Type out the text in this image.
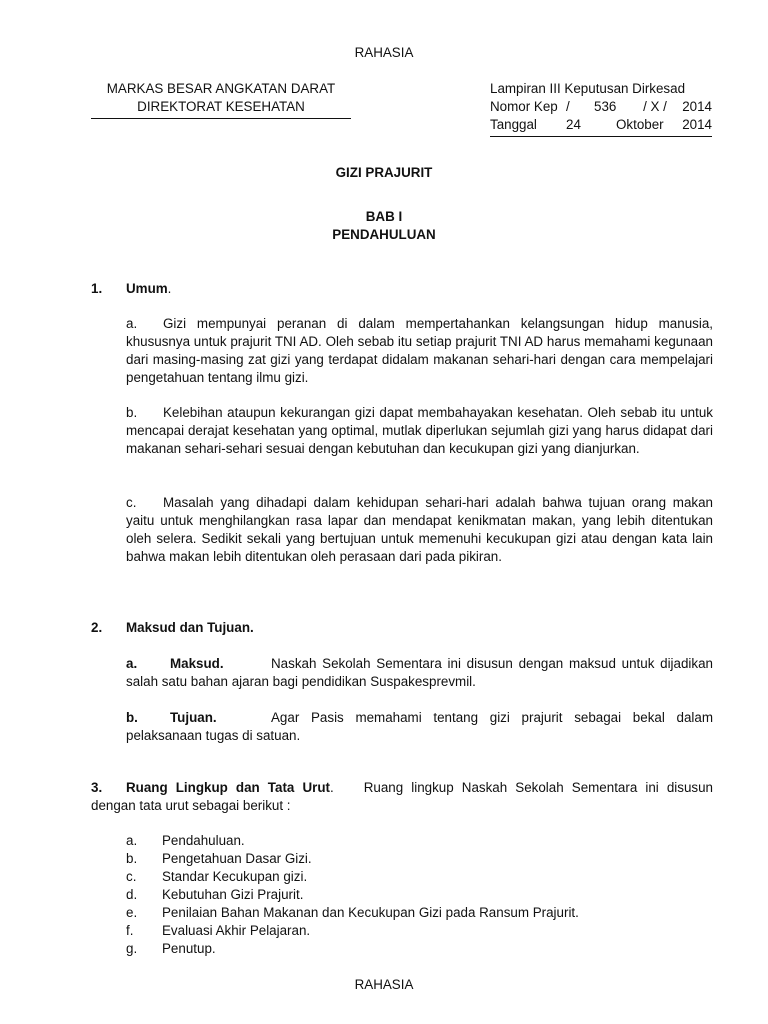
RAHASIA
MARKAS BESAR ANGKATAN DARAT
DIREKTORAT KESEHATAN
Lampiran III Keputusan Dirkesad
Nomor Kep /	536	/ X /	2014
Tanggal	24	Oktober	2014
GIZI PRAJURIT
BAB I
PENDAHULUAN
1. Umum.
a. Gizi mempunyai peranan di dalam mempertahankan kelangsungan hidup manusia, khususnya untuk prajurit TNI AD. Oleh sebab itu setiap prajurit TNI AD harus memahami kegunaan dari masing-masing zat gizi yang terdapat didalam makanan sehari-hari dengan cara mempelajari pengetahuan tentang ilmu gizi.
b. Kelebihan ataupun kekurangan gizi dapat membahayakan kesehatan. Oleh sebab itu untuk mencapai derajat kesehatan yang optimal, mutlak diperlukan sejumlah gizi yang harus didapat dari makanan sehari-sehari sesuai dengan kebutuhan dan kecukupan gizi yang dianjurkan.
c. Masalah yang dihadapi dalam kehidupan sehari-hari adalah bahwa tujuan orang makan yaitu untuk menghilangkan rasa lapar dan mendapat kenikmatan makan, yang lebih ditentukan oleh selera. Sedikit sekali yang bertujuan untuk memenuhi kecukupan gizi atau dengan kata lain bahwa makan lebih ditentukan oleh perasaan dari pada pikiran.
2. Maksud dan Tujuan.
a. Maksud.	Naskah Sekolah Sementara ini disusun dengan maksud untuk dijadikan salah satu bahan ajaran bagi pendidikan Suspakesprevmil.
b. Tujuan.	Agar Pasis memahami tentang gizi prajurit sebagai bekal dalam pelaksanaan tugas di satuan.
3. Ruang Lingkup dan Tata Urut. Ruang lingkup Naskah Sekolah Sementara ini disusun dengan tata urut sebagai berikut :
a.	Pendahuluan.
b.	Pengetahuan Dasar Gizi.
c.	Standar Kecukupan gizi.
d.	Kebutuhan Gizi Prajurit.
e.	Penilaian Bahan Makanan dan Kecukupan Gizi pada Ransum Prajurit.
f.	Evaluasi Akhir Pelajaran.
g.	Penutup.
RAHASIA
